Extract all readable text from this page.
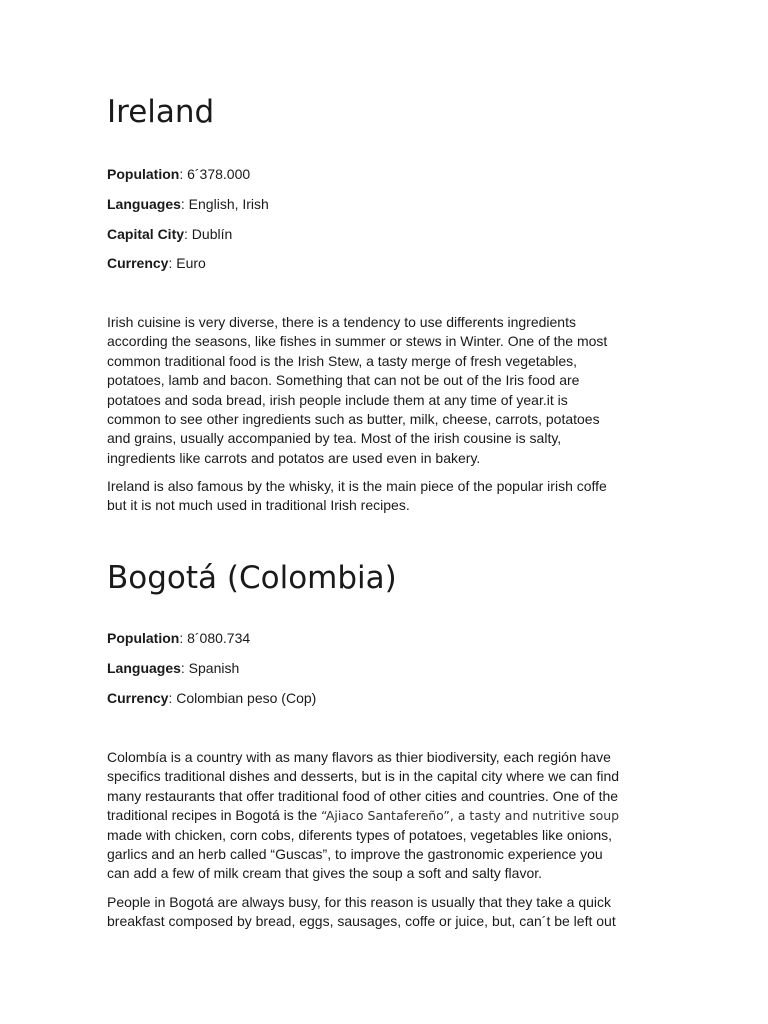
Ireland

Population: 6´378.000

Languages: English, Irish

Capital City: Dublín

Currency: Euro

Irish cuisine is very diverse, there is a tendency to use differents ingredients
according the seasons, like fishes in summer or stews in Winter. One of the most
common traditional food is the Irish Stew, a tasty merge of fresh vegetables,
potatoes, lamb and bacon. Something that can not be out of the Iris food are
potatoes and soda bread, irish people include them at any time of year.it is
common to see other ingredients such as butter, milk, cheese, carrots, potatoes
and grains, usually accompanied by tea. Most of the irish cousine is salty,
ingredients like carrots and potatos are used even in bakery.
Ireland is also famous by the whisky, it is the main piece of the popular irish coffe
but it is not much used in traditional Irish recipes.
Bogotá (Colombia)

Population: 8´080.734

Languages: Spanish

Currency: Colombian peso (Cop)

Colombía is a country with as many flavors as thier biodiversity, each región have
specifics traditional dishes and desserts, but is in the capital city where we can find
many restaurants that offer traditional food of other cities and countries. One of the
traditional recipes in Bogotá is the “Ajiaco Santafereño”, a tasty and nutritive soup
made with chicken, corn cobs, diferents types of potatoes, vegetables like onions,
garlics and an herb called “Guscas”, to improve the gastronomic experience you
can add a few of milk cream that gives the soup a soft and salty flavor.
People in Bogotá are always busy, for this reason is usually that they take a quick
breakfast composed by bread, eggs, sausages, coffe or juice, but, can´t be left out
